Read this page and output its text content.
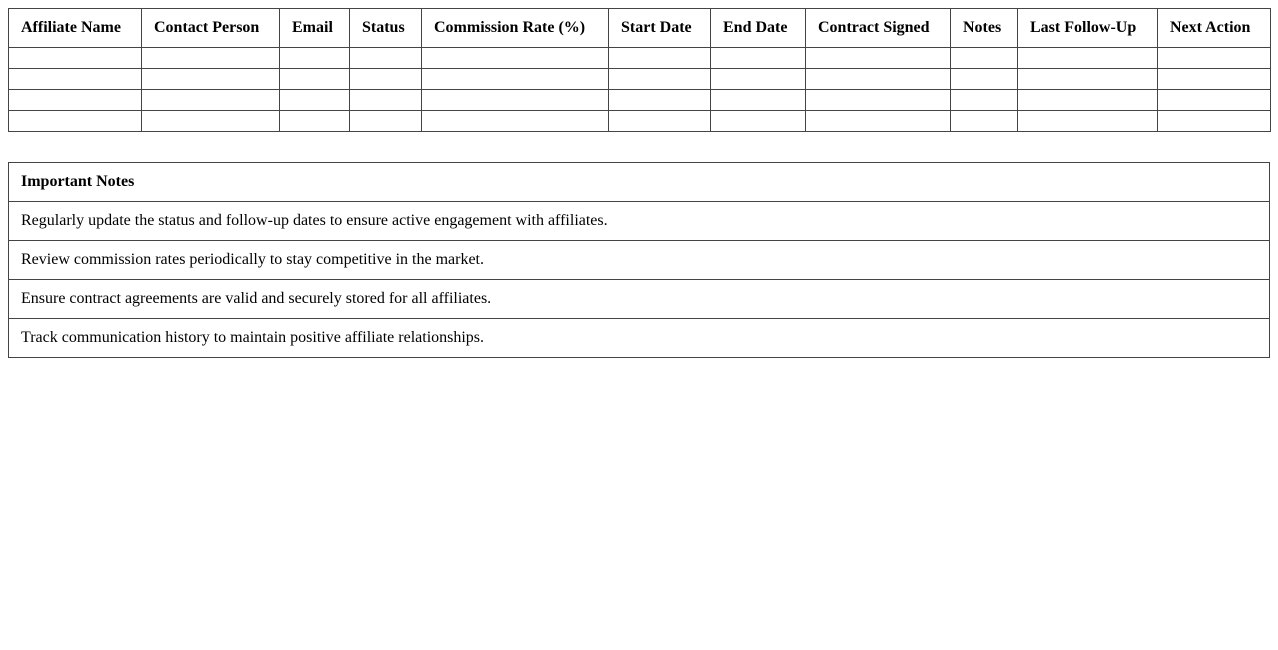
Affiliate Name	Contact Person	Email	Status	Commission Rate (%)	Start Date	End Date	Contract Signed	Notes	Last Follow-Up	Next Action

Important Notes
Regularly update the status and follow-up dates to ensure active engagement with affiliates.
Review commission rates periodically to stay competitive in the market.
Ensure contract agreements are valid and securely stored for all affiliates.
Track communication history to maintain positive affiliate relationships.
